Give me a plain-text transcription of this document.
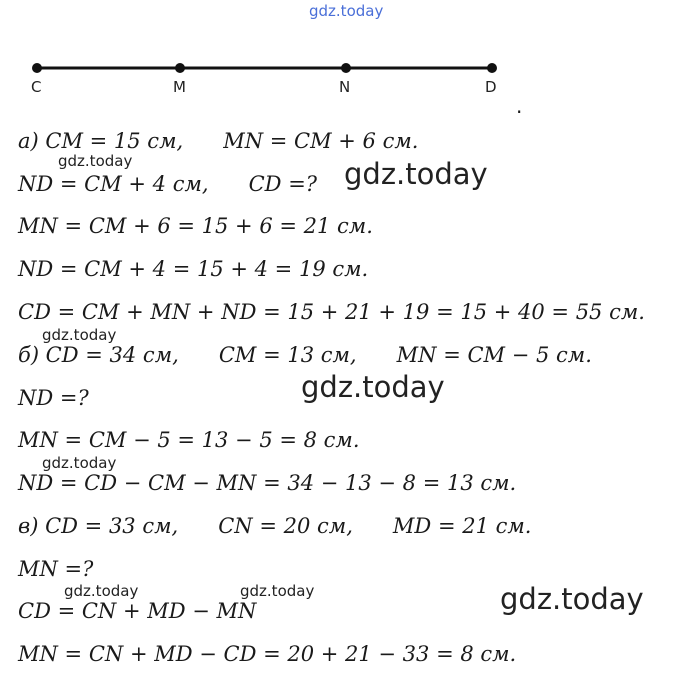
gdz.today
C	M	N	D
.
а) CM = 15 см,      MN = CM + 6 см.
ND = CM + 4 см,      CD =?
MN = CM + 6 = 15 + 6 = 21 см.
ND = CM + 4 = 15 + 4 = 19 см.
CD = CM + MN + ND = 15 + 21 + 19 = 15 + 40 = 55 см.
б) CD = 34 см,      CM = 13 см,      MN = CM − 5 см.
ND =?
MN = CM − 5 = 13 − 5 = 8 см.
ND = CD − CM − MN = 34 − 13 − 8 = 13 см.
в) CD = 33 см,      CN = 20 см,      MD = 21 см.
MN =?
CD = CN + MD − MN
MN = CN + MD − CD = 20 + 21 − 33 = 8 см.
gdz.today	gdz.today
gdz.today
gdz.today
gdz.today
gdz.today	gdz.today	gdz.today
